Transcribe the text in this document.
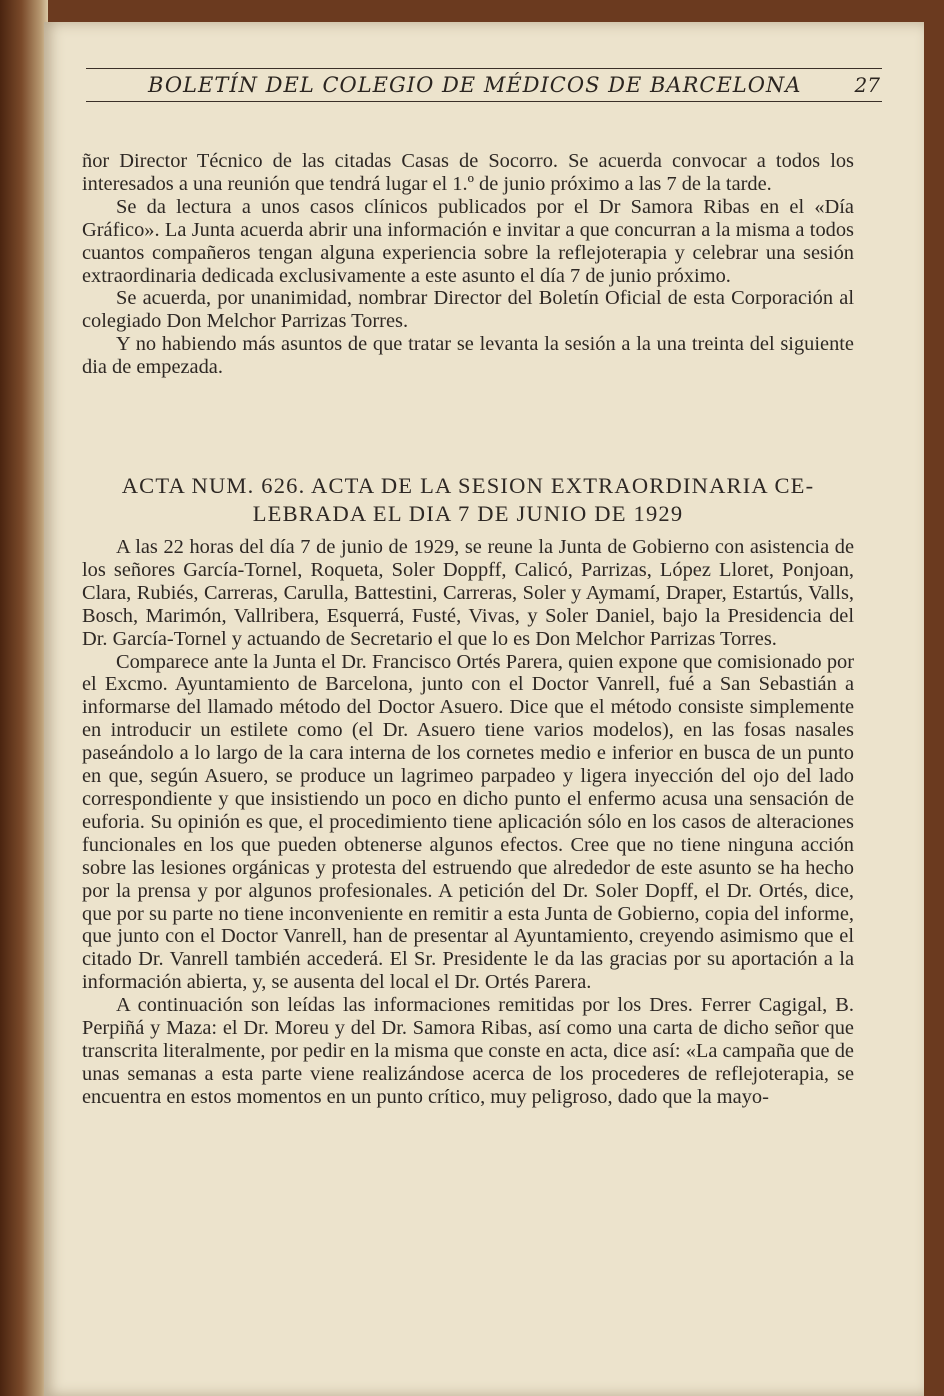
BOLETÍN DEL COLEGIO DE MÉDICOS DE BARCELONA	27

ñor Director Técnico de las citadas Casas de Socorro. Se acuerda convocar a todos los interesados a una reunión que tendrá lugar el 1.º de junio próximo a las 7 de la tarde.

Se da lectura a unos casos clínicos publicados por el Dr Samora Ribas en el «Día Gráfico». La Junta acuerda abrir una información e invitar a que concurran a la misma a todos cuantos compañeros tengan alguna experiencia sobre la reflejoterapia y celebrar una sesión extraordinaria dedicada exclusivamente a este asunto el día 7 de junio próximo.

Se acuerda, por unanimidad, nombrar Director del Boletín Oficial de esta Corporación al colegiado Don Melchor Parrizas Torres.

Y no habiendo más asuntos de que tratar se levanta la sesión a la una treinta del siguiente dia de empezada.

ACTA NUM. 626. ACTA DE LA SESION EXTRAORDINARIA CE-
LEBRADA EL DIA 7 DE JUNIO DE 1929

A las 22 horas del día 7 de junio de 1929, se reune la Junta de Gobierno con asistencia de los señores García-Tornel, Roqueta, Soler Doppff, Calicó, Parrizas, López Lloret, Ponjoan, Clara, Rubiés, Carreras, Carulla, Battestini, Carreras, Soler y Aymamí, Draper, Estartús, Valls, Bosch, Marimón, Vallribera, Esquerrá, Fusté, Vivas, y Soler Daniel, bajo la Presidencia del Dr. García-Tornel y actuando de Secretario el que lo es Don Melchor Parrizas Torres.

Comparece ante la Junta el Dr. Francisco Ortés Parera, quien expone que comisionado por el Excmo. Ayuntamiento de Barcelona, junto con el Doctor Vanrell, fué a San Sebastián a informarse del llamado método del Doctor Asuero. Dice que el método consiste simplemente en introducir un estilete como (el Dr. Asuero tiene varios modelos), en las fosas nasales paseándolo a lo largo de la cara interna de los cornetes medio e inferior en busca de un punto en que, según Asuero, se produce un lagrimeo parpadeo y ligera inyección del ojo del lado correspondiente y que insistiendo un poco en dicho punto el enfermo acusa una sensación de euforia. Su opinión es que, el procedimiento tiene aplicación sólo en los casos de alteraciones funcionales en los que pueden obtenerse algunos efectos. Cree que no tiene ninguna acción sobre las lesiones orgánicas y protesta del estruendo que alrededor de este asunto se ha hecho por la prensa y por algunos profesionales. A petición del Dr. Soler Dopff, el Dr. Ortés, dice, que por su parte no tiene inconveniente en remitir a esta Junta de Gobierno, copia del informe, que junto con el Doctor Vanrell, han de presentar al Ayuntamiento, creyendo asimismo que el citado Dr. Vanrell también accederá. El Sr. Presidente le da las gracias por su aportación a la información abierta, y, se ausenta del local el Dr. Ortés Parera.

A continuación son leídas las informaciones remitidas por los Dres. Ferrer Cagigal, B. Perpiñá y Maza: el Dr. Moreu y del Dr. Samora Ribas, así como una carta de dicho señor que transcrita literalmente, por pedir en la misma que conste en acta, dice así: «La campaña que de unas semanas a esta parte viene realizándose acerca de los procederes de reflejoterapia, se encuentra en estos momentos en un punto crítico, muy peligroso, dado que la mayo-
